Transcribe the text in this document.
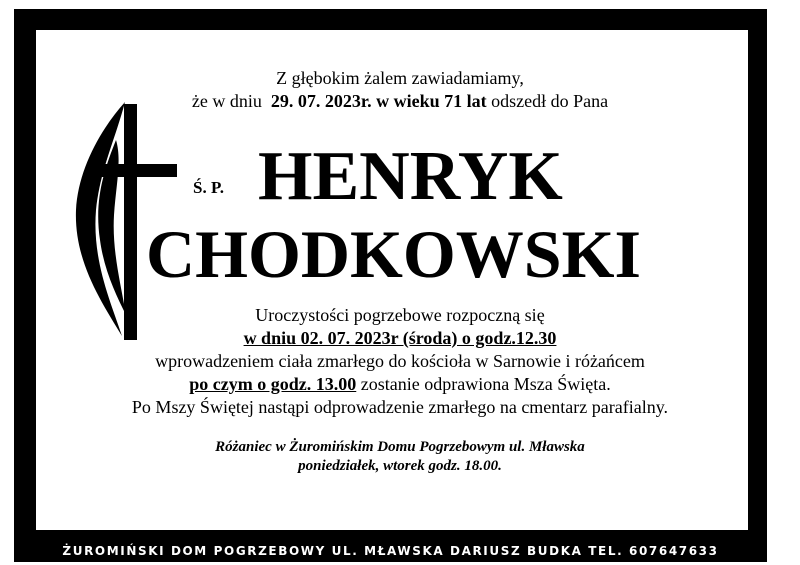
Z głębokim żalem zawiadamiamy,
że w dniu 29. 07. 2023r. w wieku 71 lat odszedł do Pana
Ś. P. HENRYK
CHODKOWSKI
Uroczystości pogrzebowe rozpoczną się
w dniu 02. 07. 2023r (środa) o godz.12.30
wprowadzeniem ciała zmarłego do kościoła w Sarnowie i różańcem
po czym o godz. 13.00 zostanie odprawiona Msza Święta.
Po Mszy Świętej nastąpi odprowadzenie zmarłego na cmentarz parafialny.
Różaniec w Żuromińskim Domu Pogrzebowym ul. Mławska
poniedziałek, wtorek godz. 18.00.
ŻUROMIŃSKI DOM POGRZEBOWY UL. MŁAWSKA DARIUSZ BUDKA TEL. 607647633
